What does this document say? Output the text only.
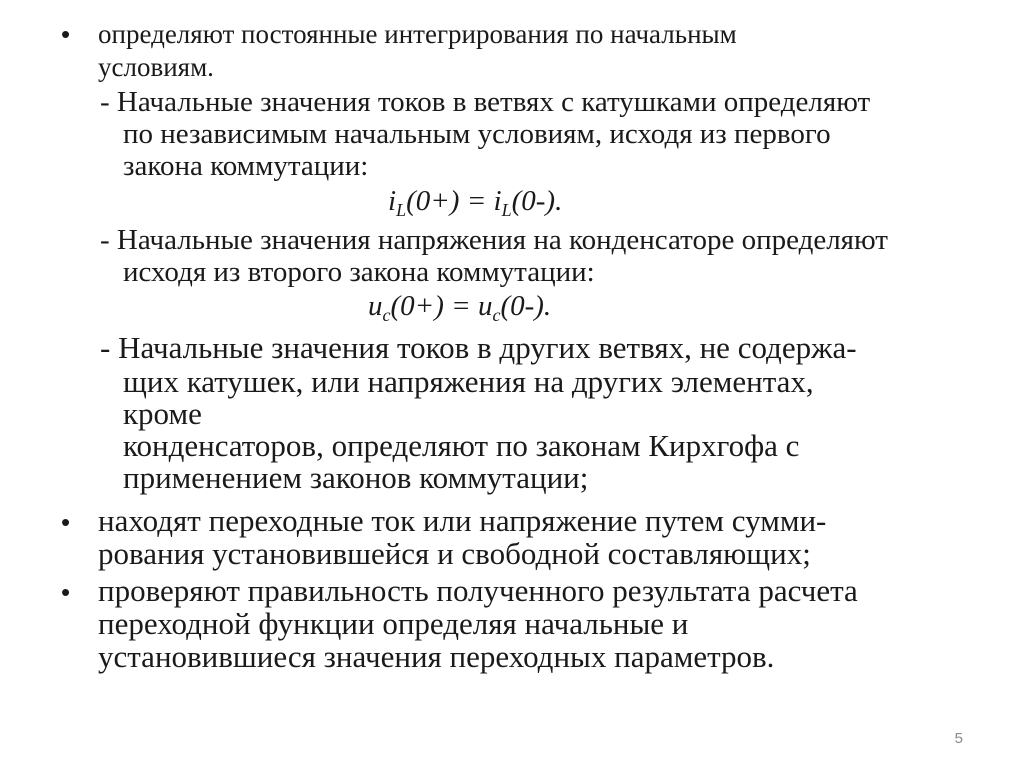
• определяют постоянные интегрирования по начальным
условиям.
- Начальные значения токов в ветвях с катушками определяют
по независимым начальным условиям, исходя из первого
закона коммутации:
$i_L(0+) = i_L(0-)$.
- Начальные значения напряжения на конденсаторе определяют
исходя из второго закона коммутации:
$u_c(0+) = u_c(0-)$.
- Начальные значения токов в других ветвях, не содержа-
щих катушек, или напряжения на других элементах,
кроме
конденсаторов, определяют по законам Кирхгофа с
применением законов коммутации;
• находят переходные ток или напряжение путем сумми-
рования установившейся и свободной составляющих;
• проверяют правильность полученного результата расчета
переходной функции определяя начальные и
установившиеся значения переходных параметров.
5
